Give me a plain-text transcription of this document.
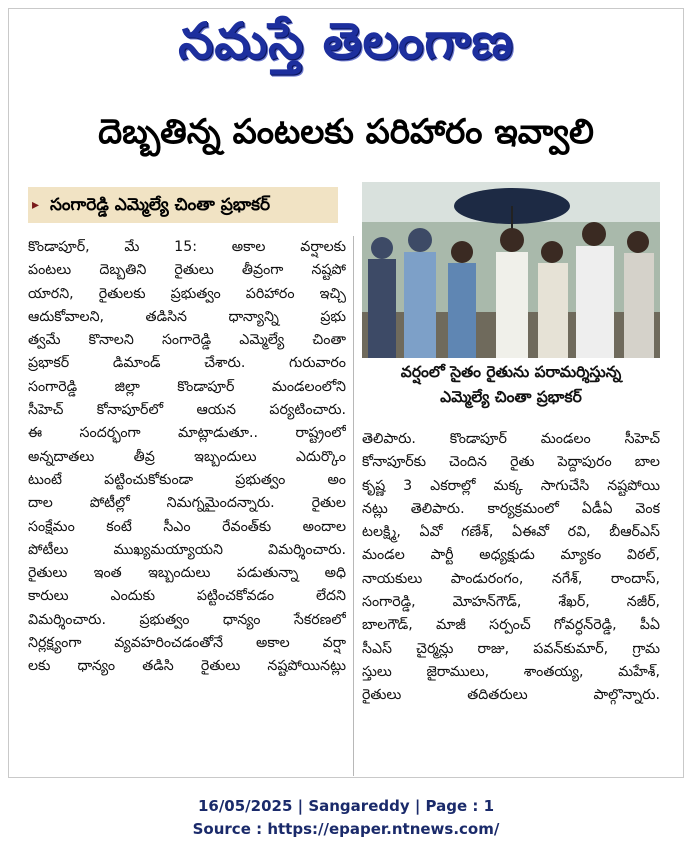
నమస్తే తెలంగాణ
దెబ్బతిన్న పంటలకు పరిహారం ఇవ్వాలి
▸ సంగారెడ్డి ఎమ్మెల్యే చింతా ప్రభాకర్
కొండాపూర్, మే 15: అకాల వర్షాలకు
పంటలు దెబ్బతిని రైతులు తీవ్రంగా నష్టపో
యారని, రైతులకు ప్రభుత్వం పరిహారం ఇచ్చి
ఆదుకోవాలని, తడిసిన ధాన్యాన్ని ప్రభు
త్వమే కొనాలని సంగారెడ్డి ఎమ్మెల్యే చింతా
ప్రభాకర్ డిమాండ్ చేశారు. గురువారం
సంగారెడ్డి జిల్లా కొండాపూర్ మండలంలోని
సీహెచ్ కోనాపూర్‌లో ఆయన పర్యటించారు.
ఈ సందర్భంగా మాట్లాడుతూ.. రాష్ట్రంలో
అన్నదాతలు తీవ్ర ఇబ్బందులు ఎదుర్కొం
టుంటే పట్టించుకోకుండా ప్రభుత్వం అం
దాల పోటీల్లో నిమగ్నమైందన్నారు. రైతుల
సంక్షేమం కంటే సీఎం రేవంత్‌కు అందాల
పోటీలు ముఖ్యమయ్యాయని విమర్శించారు.
రైతులు ఇంత ఇబ్బందులు పడుతున్నా అధి
కారులు ఎందుకు పట్టించకోవడం లేదని
విమర్శించారు. ప్రభుత్వం ధాన్యం సేకరణలో
నిర్లక్ష్యంగా వ్యవహరించడంతోనే అకాల వర్షా
లకు ధాన్యం తడిసి రైతులు నష్టపోయినట్లు
వర్షంలో సైతం రైతును పరామర్శిస్తున్న
ఎమ్మెల్యే చింతా ప్రభాకర్
తెలిపారు. కొండాపూర్ మండలం సీహెచ్
కోనాపూర్‌కు చెందిన రైతు పెద్దాపురం బాల
కృష్ణ 3 ఎకరాల్లో మక్క సాగుచేసి నష్టపోయి
నట్లు తెలిపారు. కార్యక్రమంలో ఏడీఏ వెంక
టలక్ష్మి, ఏవో గణేశ్, ఏఈవో రవి, బీఆర్‌ఎస్
మండల పార్టీ అధ్యక్షుడు మ్యాకం విఠల్,
నాయకులు పాండురంగం, నగేశ్, రాందాస్,
సంగారెడ్డి, మోహన్‌గౌడ్, శేఖర్, నజీర్,
బాలగౌడ్, మాజీ సర్పంచ్ గోవర్ధన్‌రెడ్డి, పీఏ
సీఎస్ చైర్మన్లు రాజు, పవన్‌కుమార్, గ్రామ
స్తులు జైరాములు, శాంతయ్య, మహేశ్,
రైతులు తదితరులు పాల్గొన్నారు.
16/05/2025 | Sangareddy | Page : 1
Source : https://epaper.ntnews.com/
